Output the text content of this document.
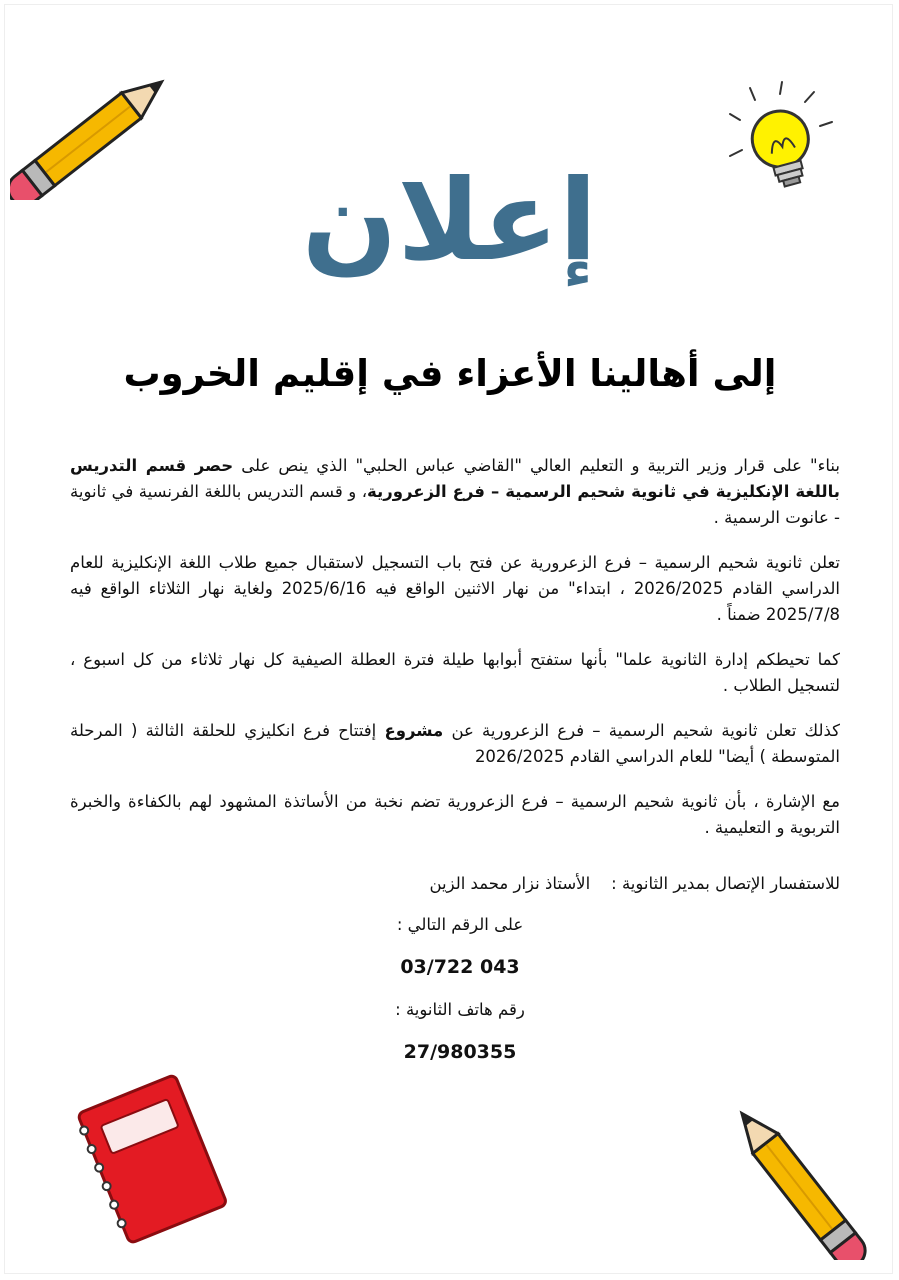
إعلان
إلى أهالينا الأعزاء في إقليم الخروب

بناء" على قرار وزير التربية و التعليم العالي "القاضي عباس الحلبي" الذي ينص على حصر قسم التدريس باللغة الإنكليزية في ثانوية شحيم الرسمية – فرع الزعرورية، و قسم التدريس باللغة الفرنسية في ثانوية - عانوت الرسمية .

تعلن ثانوية شحيم الرسمية – فرع الزعرورية عن فتح باب التسجيل لاستقبال جميع طلاب اللغة الإنكليزية للعام الدراسي القادم 2026/2025 ، ابتداء" من نهار الاثنين الواقع فيه 2025/6/16 ولغاية نهار الثلاثاء الواقع فيه 2025/7/8 ضمناً .

كما تحيطكم إدارة الثانوية علما" بأنها ستفتح أبوابها طيلة فترة العطلة الصيفية كل نهار ثلاثاء من كل اسبوع ، لتسجيل الطلاب .

كذلك تعلن ثانوية شحيم الرسمية – فرع الزعرورية عن مشروع إفتتاح فرع انكليزي للحلقة الثالثة ( المرحلة المتوسطة ) أيضا" للعام الدراسي القادم 2026/2025

مع الإشارة ، بأن ثانوية شحيم الرسمية – فرع الزعرورية تضم نخبة من الأساتذة المشهود لهم بالكفاءة والخبرة التربوية و التعليمية .

للاستفسار الإتصال بمدير الثانوية :    الأستاذ نزار محمد الزين
على الرقم التالي :
03/722 043
رقم هاتف الثانوية :
27/980355
